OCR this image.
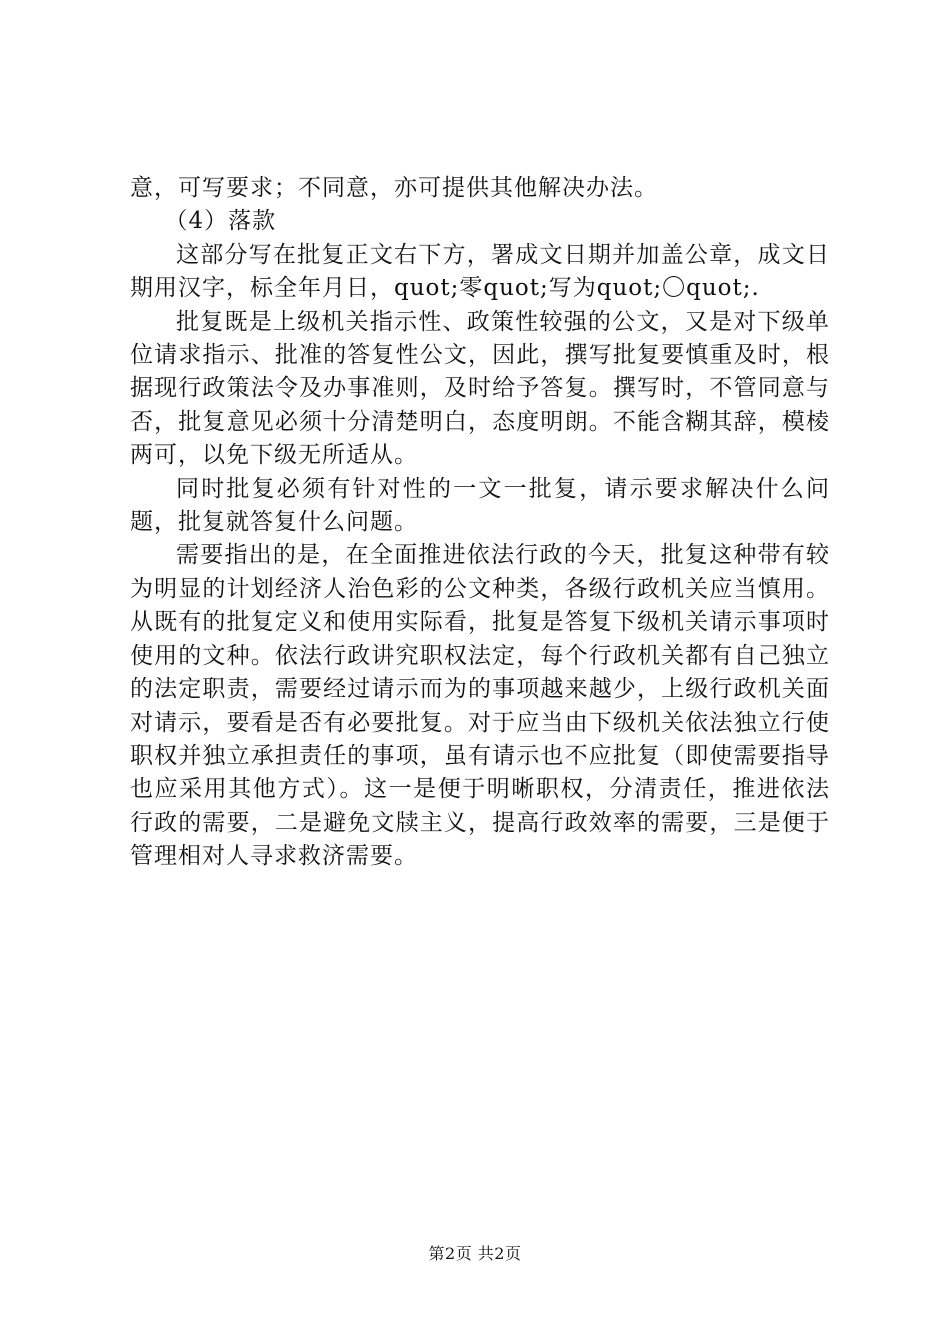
意，可写要求；不同意，亦可提供其他解决办法。

（4）落款

这部分写在批复正文右下方，署成文日期并加盖公章，成文日期用汉字，标全年月日，quot;零quot;写为quot;〇quot;.

批复既是上级机关指示性、政策性较强的公文，又是对下级单位请求指示、批准的答复性公文，因此，撰写批复要慎重及时，根据现行政策法令及办事准则，及时给予答复。撰写时，不管同意与否，批复意见必须十分清楚明白，态度明朗。不能含糊其辞，模棱两可，以免下级无所适从。

同时批复必须有针对性的一文一批复，请示要求解决什么问题，批复就答复什么问题。

需要指出的是，在全面推进依法行政的今天，批复这种带有较为明显的计划经济人治色彩的公文种类，各级行政机关应当慎用。从既有的批复定义和使用实际看，批复是答复下级机关请示事项时使用的文种。依法行政讲究职权法定，每个行政机关都有自己独立的法定职责，需要经过请示而为的事项越来越少，上级行政机关面对请示，要看是否有必要批复。对于应当由下级机关依法独立行使职权并独立承担责任的事项，虽有请示也不应批复（即使需要指导也应采用其他方式）。这一是便于明晰职权，分清责任，推进依法行政的需要，二是避免文牍主义，提高行政效率的需要，三是便于管理相对人寻求救济需要。

第2页 共2页
